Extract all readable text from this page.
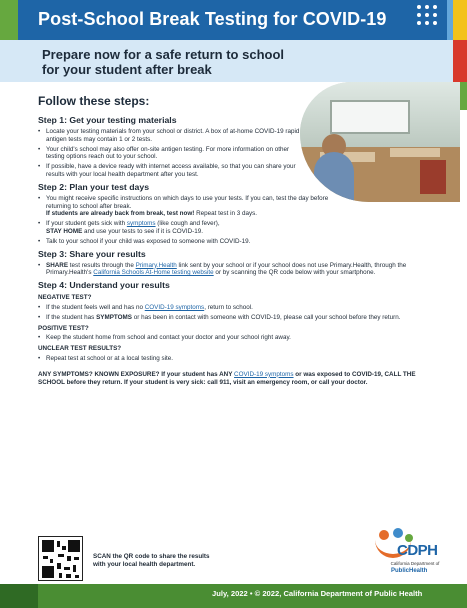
Post-School Break Testing for COVID-19
Prepare now for a safe return to school
for your student after break
Follow these steps:
Step 1: Get your testing materials
• Locate your testing materials from your school or district. A box of at-home COVID-19 rapid antigen tests may contain 1 or 2 tests.
• Your child's school may also offer on-site antigen testing. For more information on other testing options reach out to your school.
• If possible, have a device ready with internet access available, so that you can share your results with your local health department after you test.
Step 2: Plan your test days
• You might receive specific instructions on which days to use your tests. If you can, test the day before returning to school after break.
If students are already back from break, test now! Repeat test in 3 days.
• If your student gets sick with symptoms (like cough and fever),
STAY HOME and use your tests to see if it is COVID-19.
• Talk to your school if your child was exposed to someone with COVID-19.
Step 3: Share your results
• SHARE test results through the Primary.Health link sent by your school or if your school does not use Primary.Health, through the Primary.Health's California Schools At-Home testing website or by scanning the QR code below with your smartphone.
Step 4: Understand your results
NEGATIVE TEST?
• If the student feels well and has no COVID-19 symptoms, return to school.
• If the student has SYMPTOMS or has been in contact with someone with COVID-19, please call your school before they return.
POSITIVE TEST?
• Keep the student home from school and contact your doctor and your school right away.
UNCLEAR TEST RESULTS?
• Repeat test at school or at a local testing site.
ANY SYMPTOMS? KNOWN EXPOSURE? If your student has ANY COVID-19 symptoms or was exposed to COVID-19, CALL THE SCHOOL before they return. If your student is very sick: call 911, visit an emergency room, or call your doctor.
SCAN the QR code to share the results
with your local health department.
CDPH
California Department of
PublicHealth
July, 2022 • © 2022, California Department of Public Health
